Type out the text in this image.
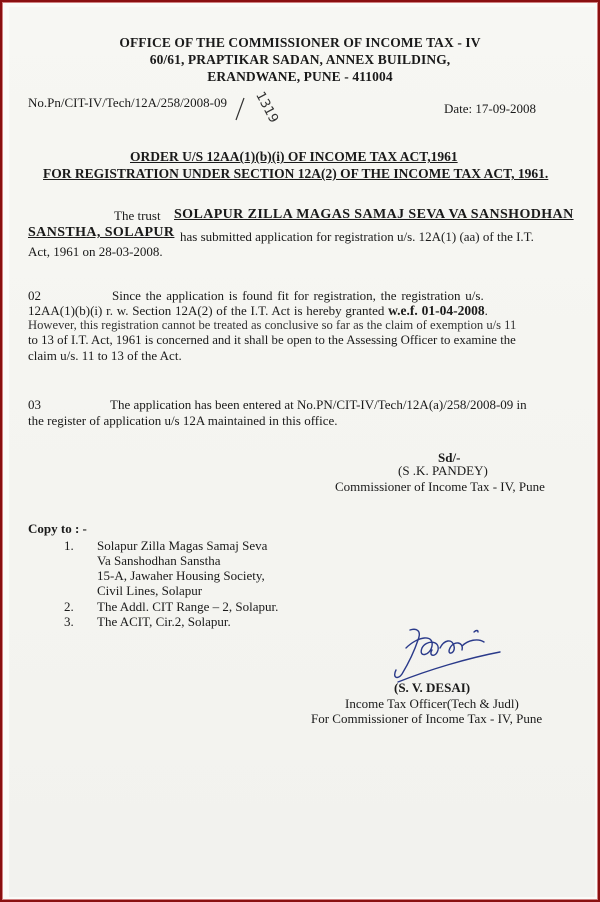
OFFICE OF THE COMMISSIONER OF INCOME TAX - IV
60/61, PRAPTIKAR SADAN, ANNEX BUILDING,
ERANDWANE, PUNE - 411004
No.Pn/CIT-IV/Tech/12A/258/2008-09 1319	Date: 17-09-2008
ORDER U/S 12AA(1)(b)(i) OF INCOME TAX ACT,1961
FOR REGISTRATION UNDER SECTION 12A(2) OF THE INCOME TAX ACT, 1961.
The trust SOLAPUR ZILLA MAGAS SAMAJ SEVA VA SANSHODHAN
SANSTHA, SOLAPUR has submitted application for registration u/s. 12A(1) (aa) of the I.T.
Act, 1961 on 28-03-2008.
02	Since the application is found fit for registration, the registration u/s.
12AA(1)(b)(i) r. w. Section 12A(2) of the I.T. Act is hereby granted w.e.f. 01-04-2008.
However, this registration cannot be treated as conclusive so far as the claim of exemption u/s 11
to 13 of I.T. Act, 1961 is concerned and it shall be open to the Assessing Officer to examine the
claim u/s. 11 to 13 of the Act.
03	The application has been entered at No.PN/CIT-IV/Tech/12A(a)/258/2008-09 in
the register of application u/s 12A maintained in this office.
Sd/-
(S .K. PANDEY)
Commissioner of Income Tax - IV, Pune
Copy to : -
1. Solapur Zilla Magas Samaj Seva
Va Sanshodhan Sanstha
15-A, Jawaher Housing Society,
Civil Lines, Solapur
2. The Addl. CIT Range – 2, Solapur.
3. The ACIT, Cir.2, Solapur.
(S. V. DESAI)
Income Tax Officer(Tech & Judl)
For Commissioner of Income Tax - IV, Pune
